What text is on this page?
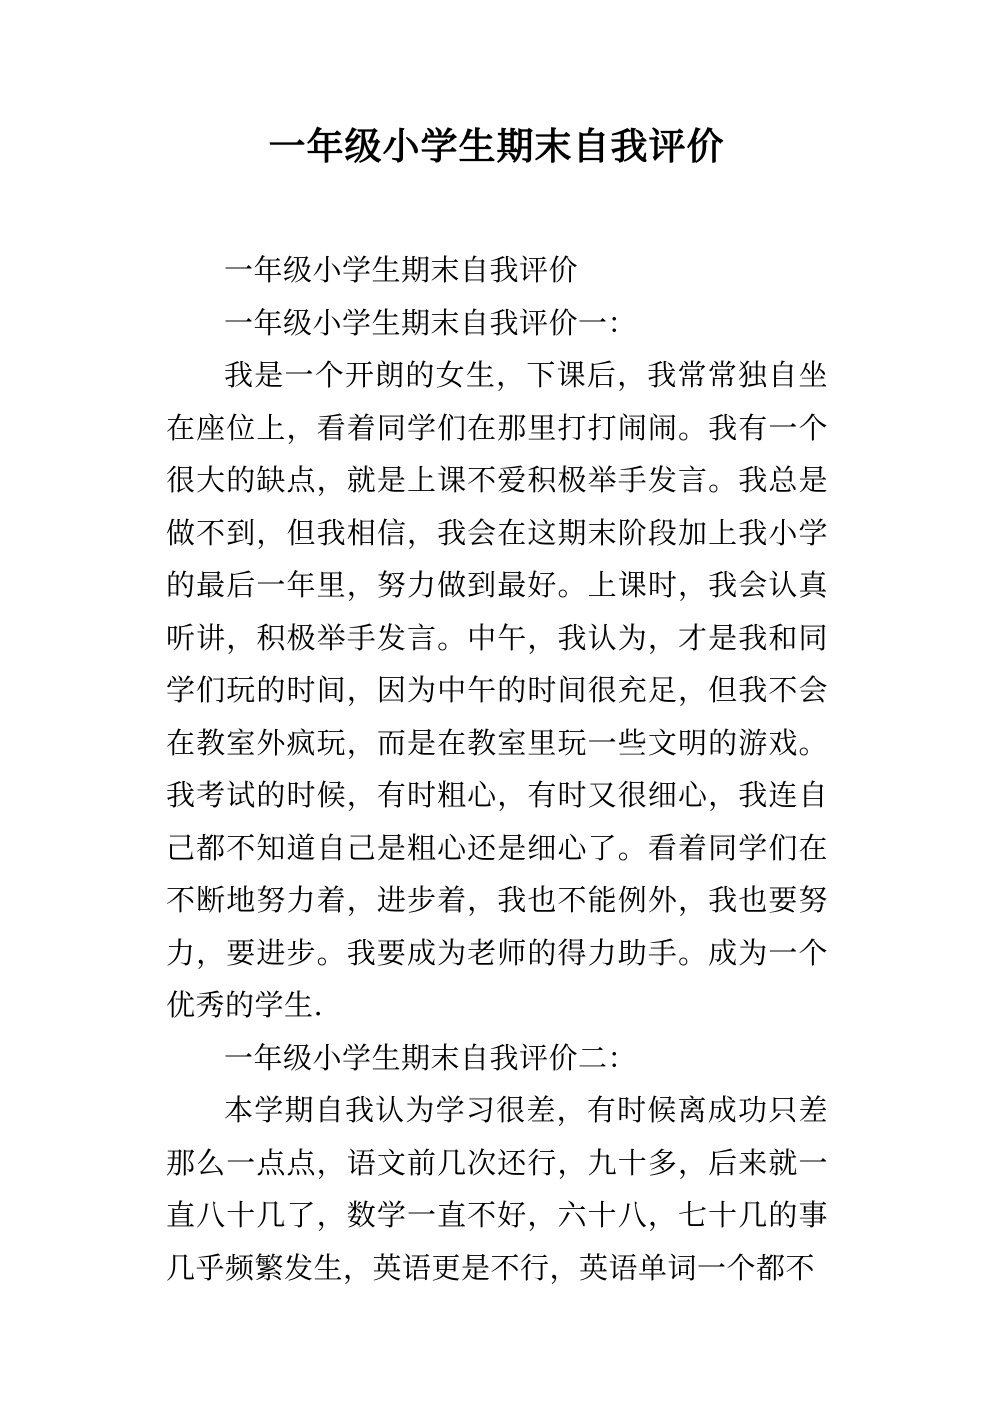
一年级小学生期末自我评价

一年级小学生期末自我评价

一年级小学生期末自我评价一：

我是一个开朗的女生，下课后，我常常独自坐在座位上，看着同学们在那里打打闹闹。我有一个很大的缺点，就是上课不爱积极举手发言。我总是做不到，但我相信，我会在这期末阶段加上我小学的最后一年里，努力做到最好。上课时，我会认真听讲，积极举手发言。中午，我认为，才是我和同学们玩的时间，因为中午的时间很充足，但我不会在教室外疯玩，而是在教室里玩一些文明的游戏。我考试的时候，有时粗心，有时又很细心，我连自己都不知道自己是粗心还是细心了。看着同学们在不断地努力着，进步着，我也不能例外，我也要努力，要进步。我要成为老师的得力助手。成为一个优秀的学生.

一年级小学生期末自我评价二：

本学期自我认为学习很差，有时候离成功只差那么一点点，语文前几次还行，九十多，后来就一直八十几了，数学一直不好，六十八，七十几的事几乎频繁发生，英语更是不行，英语单词一个都不
